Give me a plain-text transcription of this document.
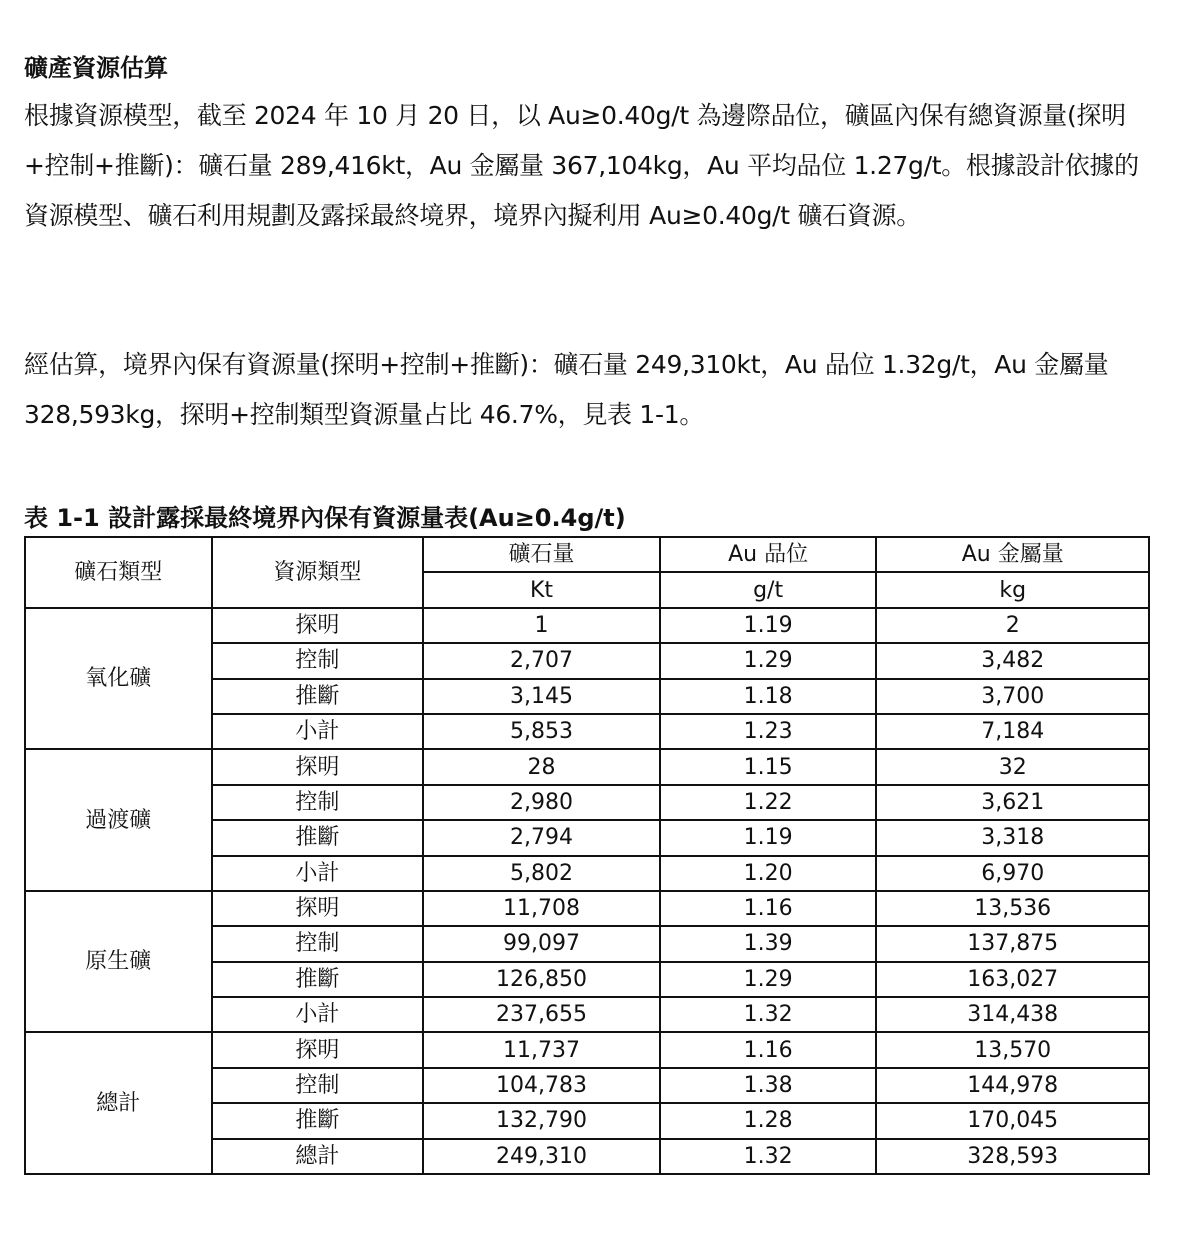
礦產資源估算
根據資源模型，截至 2024 年 10 月 20 日，以 Au≥0.40g/t 為邊際品位，礦區內保有總資源量(探明+控制+推斷)：礦石量 289,416kt，Au 金屬量 367,104kg，Au 平均品位 1.27g/t。根據設計依據的資源模型、礦石利用規劃及露採最終境界，境界內擬利用 Au≥0.40g/t 礦石資源。
經估算，境界內保有資源量(探明+控制+推斷)：礦石量 249,310kt，Au 品位 1.32g/t，Au 金屬量 328,593kg，探明+控制類型資源量占比 46.7%，見表 1-1。
表 1-1 設計露採最終境界內保有資源量表(Au≥0.4g/t)
礦石類型	資源類型	礦石量	Au 品位	Au 金屬量
		Kt	g/t	kg
氧化礦	探明	1	1.19	2
	控制	2,707	1.29	3,482
	推斷	3,145	1.18	3,700
	小計	5,853	1.23	7,184
過渡礦	探明	28	1.15	32
	控制	2,980	1.22	3,621
	推斷	2,794	1.19	3,318
	小計	5,802	1.20	6,970
原生礦	探明	11,708	1.16	13,536
	控制	99,097	1.39	137,875
	推斷	126,850	1.29	163,027
	小計	237,655	1.32	314,438
總計	探明	11,737	1.16	13,570
	控制	104,783	1.38	144,978
	推斷	132,790	1.28	170,045
	總計	249,310	1.32	328,593
